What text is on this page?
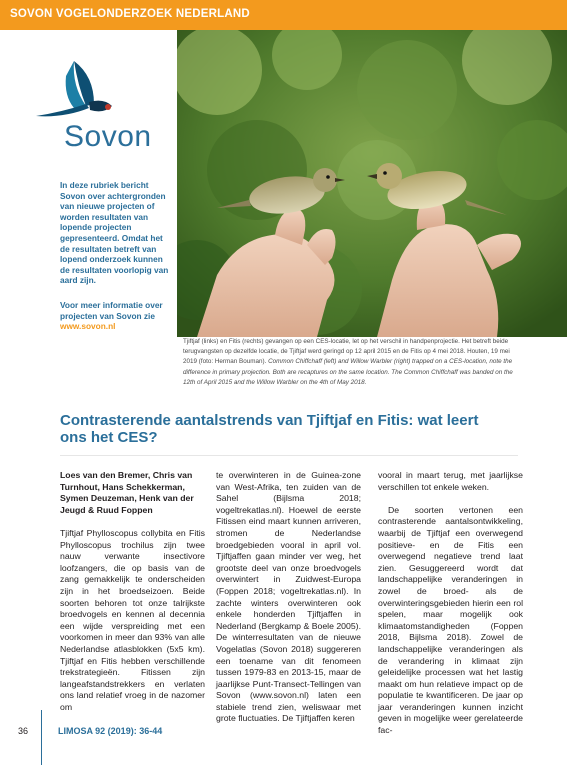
SOVON VOGELONDERZOEK NEDERLAND
Sovon
In deze rubriek bericht Sovon over achtergronden van nieuwe projecten of worden resultaten van lopende projecten gepresenteerd. Omdat het de resultaten betreft van lopend onderzoek kunnen de resultaten voorlopig van aard zijn.
Voor meer informatie over projecten van Sovon zie www.sovon.nl
Tjiftjaf (links) en Fitis (rechts) gevangen op een CES-locatie, let op het verschil in handpenprojectie. Het betreft beide terugvangsten op dezelfde locatie, de Tjiftjaf werd geringd op 12 april 2015 en de Fitis op 4 mei 2018. Houten, 19 mei 2019 (foto: Herman Bouman). Common Chiffchaff (left) and Willow Warbler (right) trapped on a CES-location, note the difference in primary projection. Both are recaptures on the same location. The Common Chiffchaff was banded on the 12th of April 2015 and the Willow Warbler on the 4th of May 2018.
Contrasterende aantalstrends van Tjiftjaf en Fitis: wat leert ons het CES?
Loes van den Bremer, Chris van Turnhout, Hans Schekkerman, Symen Deuzeman, Henk van der Jeugd & Ruud Foppen

Tjiftjaf Phylloscopus collybita en Fitis Phylloscopus trochilus zijn twee nauw verwante insectivore loofzangers, die op basis van de zang gemakkelijk te onderscheiden zijn in het broedseizoen. Beide soorten behoren tot onze talrijkste broedvogels en kennen al decennia een wijde verspreiding met een voorkomen in meer dan 93% van alle Nederlandse atlasblokken (5x5 km). Tjiftjaf en Fitis hebben verschillende trekstrategieën. Fitissen zijn langeafstandstrekkers en verlaten ons land relatief vroeg in de nazomer om

te overwinteren in de Guinea-zone van West-Afrika, ten zuiden van de Sahel (Bijlsma 2018; vogeltrekatlas.nl). Hoewel de eerste Fitissen eind maart kunnen arriveren, stromen de Nederlandse broedgebieden vooral in april vol. Tjiftjaffen gaan minder ver weg, het grootste deel van onze broedvogels overwintert in Zuidwest-Europa (Foppen 2018; vogeltrekatlas.nl). In zachte winters overwinteren ook enkele honderden Tjiftjaffen in Nederland (Bergkamp & Boele 2005). De winterresultaten van de nieuwe Vogelatlas (Sovon 2018) suggereren een toename van dit fenomeen tussen 1979-83 en 2013-15, maar de jaarlijkse Punt-Transect-Tellingen van Sovon (www.sovon.nl) laten een stabiele trend zien, weliswaar met grote fluctuaties. De Tjiftjaffen keren

vooral in maart terug, met jaarlijkse verschillen tot enkele weken.

De soorten vertonen een contrasterende aantalsontwikkeling, waarbij de Tjiftjaf een overwegend positieve- en de Fitis een overwegend negatieve trend laat zien. Gesuggereerd wordt dat landschappelijke veranderingen in zowel de broed- als de overwinteringsgebieden hierin een rol spelen, maar mogelijk ook klimaatomstandigheden (Foppen 2018, Bijlsma 2018). Zowel de landschappelijke veranderingen als de verandering in klimaat zijn geleidelijke processen wat het lastig maakt om hun relatieve impact op de populatie te kwantificeren. De jaar op jaar veranderingen kunnen inzicht geven in mogelijke weer gerelateerde fac-

36	LIMOSA 92 (2019): 36-44
